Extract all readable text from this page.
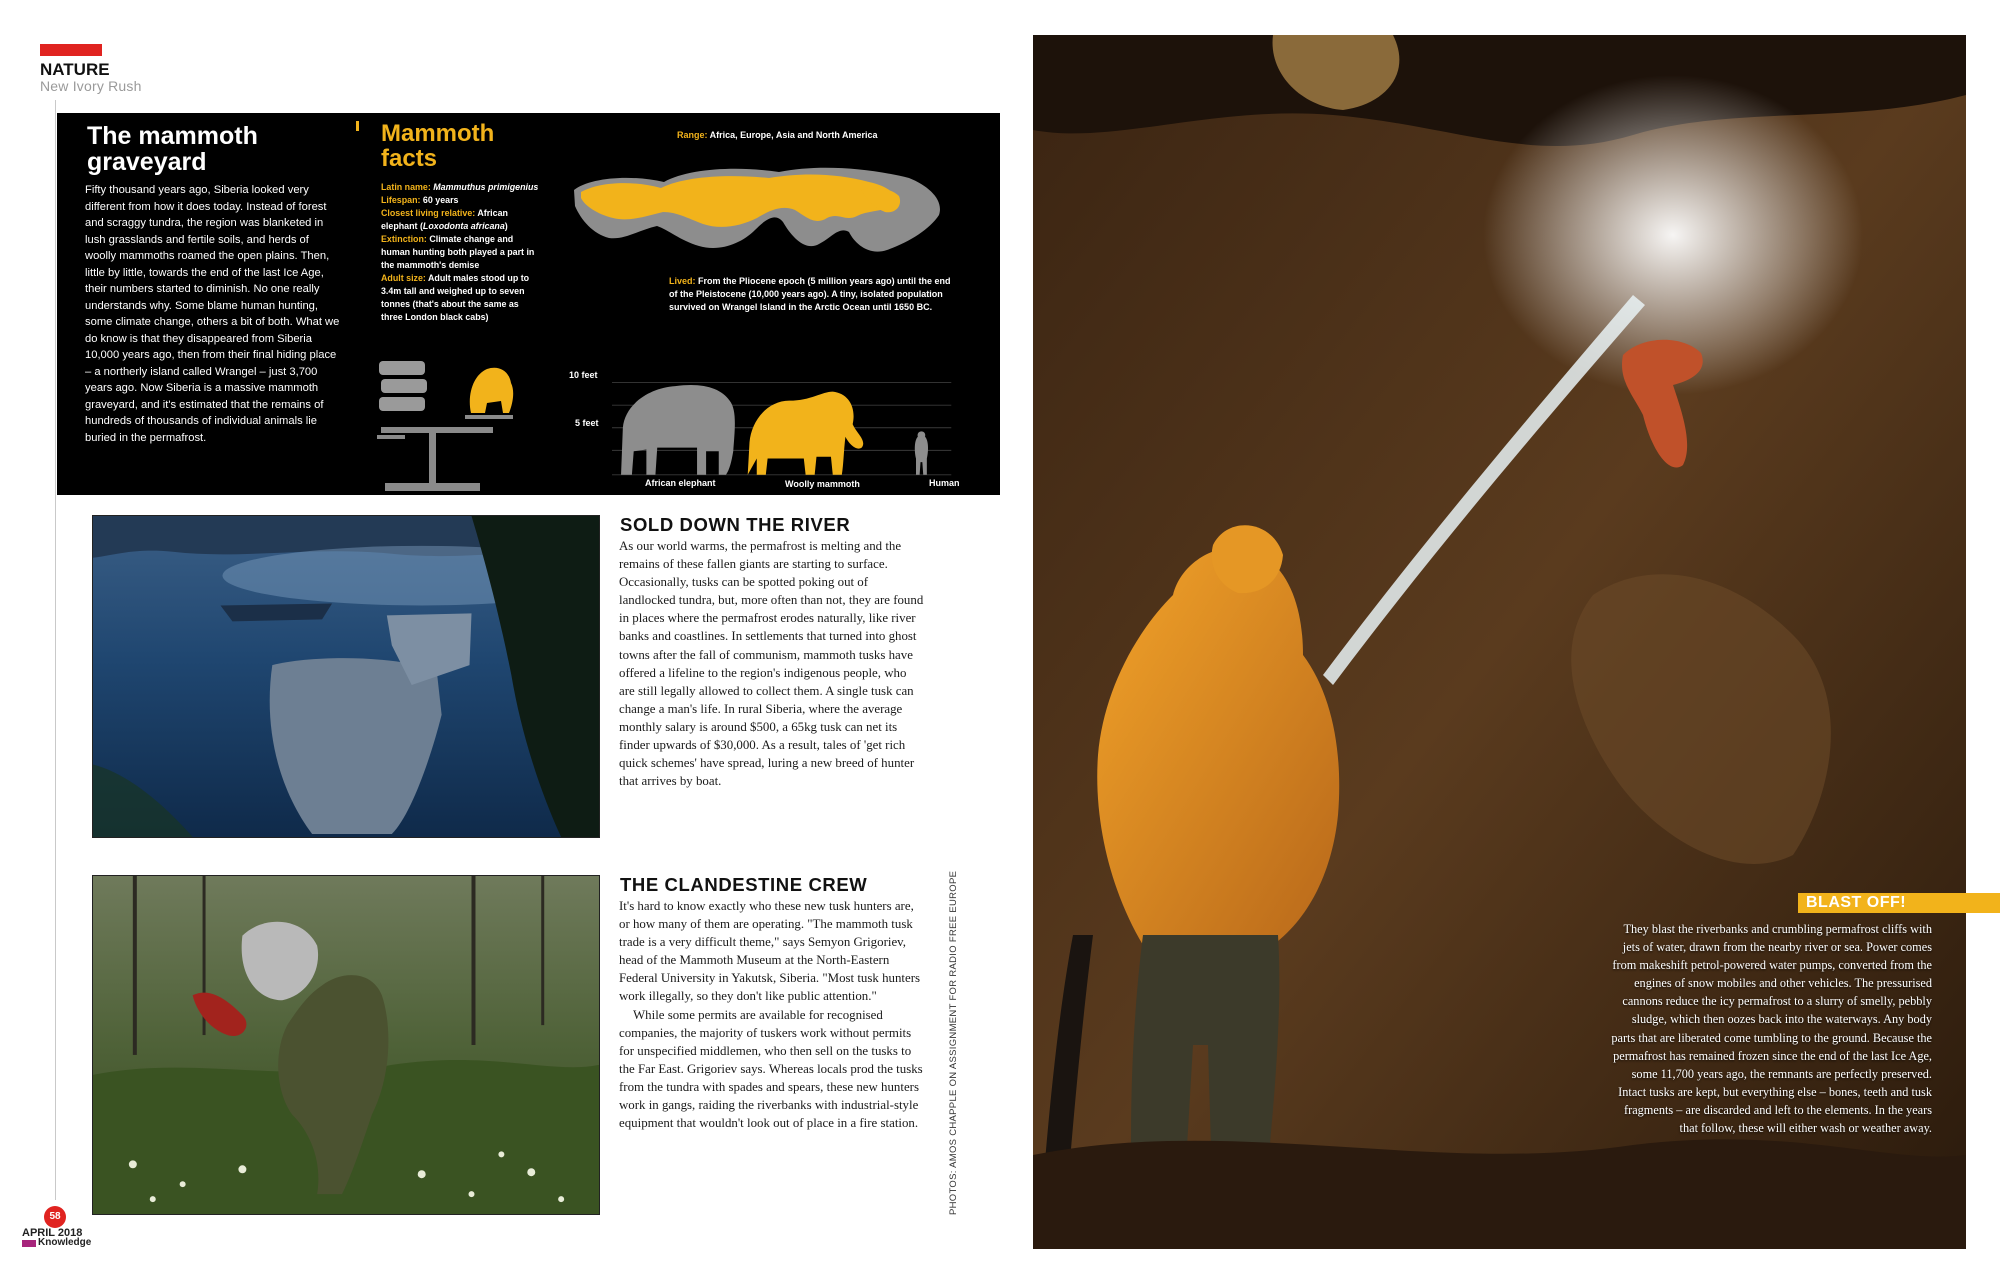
NATURE
New Ivory Rush
The mammoth graveyard
Fifty thousand years ago, Siberia looked very different from how it does today. Instead of forest and scraggy tundra, the region was blanketed in lush grasslands and fertile soils, and herds of woolly mammoths roamed the open plains. Then, little by little, towards the end of the last Ice Age, their numbers started to diminish. No one really understands why. Some blame human hunting, some climate change, others a bit of both. What we do know is that they disappeared from Siberia 10,000 years ago, then from their final hiding place – a northerly island called Wrangel – just 3,700 years ago. Now Siberia is a massive mammoth graveyard, and it's estimated that the remains of hundreds of thousands of individual animals lie buried in the permafrost.
Mammoth facts
Latin name: Mammuthus primigenius
Lifespan: 60 years
Closest living relative: African elephant (Loxodonta africana)
Extinction: Climate change and human hunting both played a part in the mammoth's demise
Adult size: Adult males stood up to 3.4m tall and weighed up to seven tonnes (that's about the same as three London black cabs)
Range: Africa, Europe, Asia and North America
Lived: From the Pliocene epoch (5 million years ago) until the end of the Pleistocene (10,000 years ago). A tiny, isolated population survived on Wrangel Island in the Arctic Ocean until 1650 BC.
10 feet
5 feet
African elephant	Woolly mammoth	Human
SOLD DOWN THE RIVER

As our world warms, the permafrost is melting and the remains of these fallen giants are starting to surface. Occasionally, tusks can be spotted poking out of landlocked tundra, but, more often than not, they are found in places where the permafrost erodes naturally, like river banks and coastlines. In settlements that turned into ghost towns after the fall of communism, mammoth tusks have offered a lifeline to the region's indigenous people, who are still legally allowed to collect them. A single tusk can change a man's life. In rural Siberia, where the average monthly salary is around $500, a 65kg tusk can net its finder upwards of $30,000. As a result, tales of 'get rich quick schemes' have spread, luring a new breed of hunter that arrives by boat.

THE CLANDESTINE CREW

It's hard to know exactly who these new tusk hunters are, or how many of them are operating. "The mammoth tusk trade is a very difficult theme," says Semyon Grigoriev, head of the Mammoth Museum at the North-Eastern Federal University in Yakutsk, Siberia. "Most tusk hunters work illegally, so they don't like public attention."

While some permits are available for recognised companies, the majority of tuskers work without permits for unspecified middlemen, who then sell on the tusks to the Far East. Grigoriev says. Whereas locals prod the tusks from the tundra with spades and spears, these new hunters work in gangs, raiding the riverbanks with industrial-style equipment that wouldn't look out of place in a fire station.	PHOTOS: AMOS CHAPPLE ON ASSIGNMENT FOR RADIO FREE EUROPE
58
APRIL 2018
Knowledge
BLAST OFF!
They blast the riverbanks and crumbling permafrost cliffs with jets of water, drawn from the nearby river or sea. Power comes from makeshift petrol-powered water pumps, converted from the engines of snow mobiles and other vehicles. The pressurised cannons reduce the icy permafrost to a slurry of smelly, pebbly sludge, which then oozes back into the waterways. Any body parts that are liberated come tumbling to the ground. Because the permafrost has remained frozen since the end of the last Ice Age, some 11,700 years ago, the remnants are perfectly preserved. Intact tusks are kept, but everything else – bones, teeth and tusk fragments – are discarded and left to the elements. In the years that follow, these will either wash or weather away.
